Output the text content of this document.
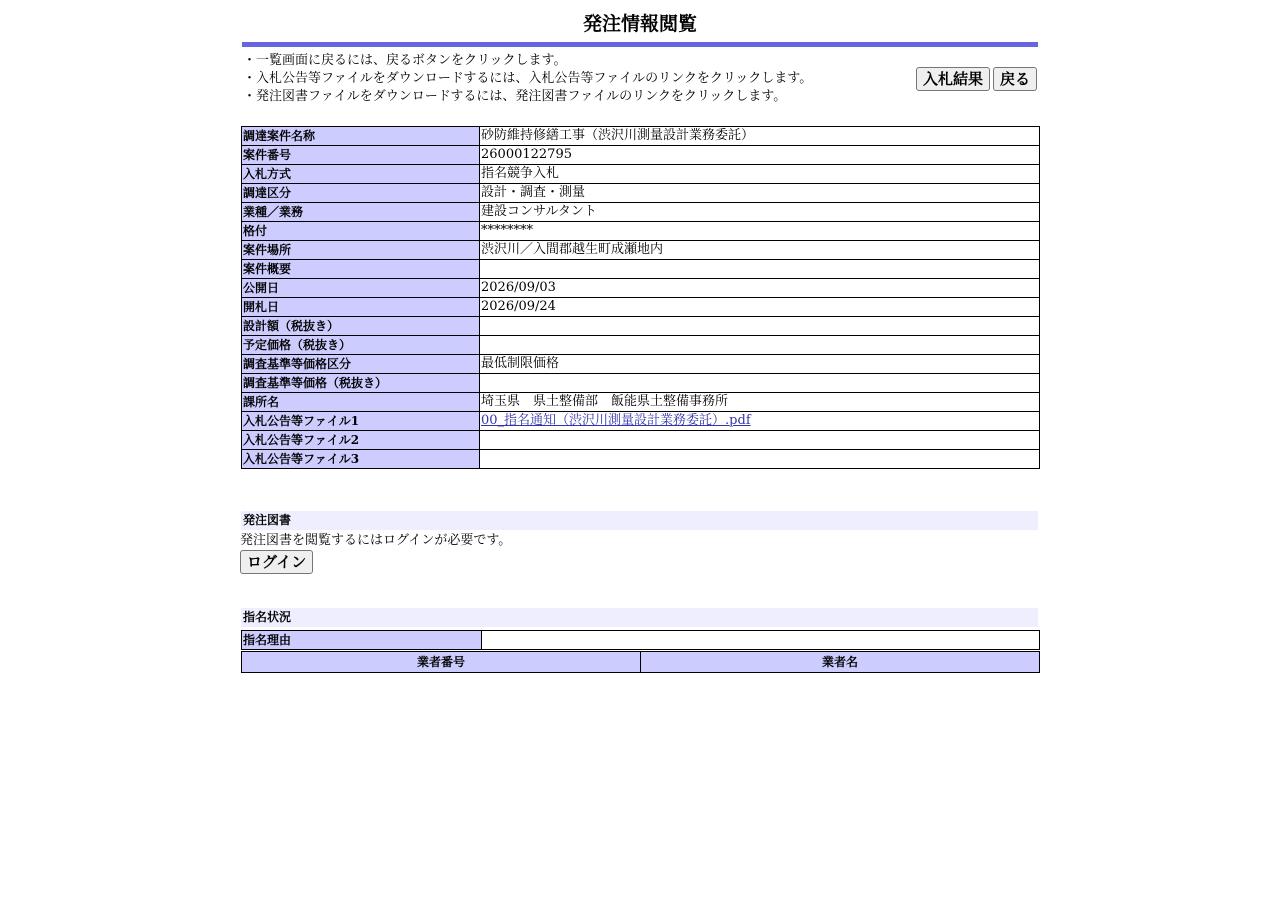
発注情報閲覧
・一覧画面に戻るには、戻るボタンをクリックします。
・入札公告等ファイルをダウンロードするには、入札公告等ファイルのリンクをクリックします。
・発注図書ファイルをダウンロードするには、発注図書ファイルのリンクをクリックします。
入札結果	戻る
調達案件名称	砂防維持修繕工事（渋沢川測量設計業務委託）
案件番号	26000122795
入札方式	指名競争入札
調達区分	設計・調査・測量
業種／業務	建設コンサルタント
格付	********
案件場所	渋沢川／入間郡越生町成瀬地内
案件概要	
公開日	2026/09/03
開札日	2026/09/24
設計額（税抜き）	
予定価格（税抜き）	
調査基準等価格区分	最低制限価格
調査基準等価格（税抜き）	
課所名	埼玉県　県土整備部　飯能県土整備事務所
入札公告等ファイル1	00_指名通知（渋沢川測量設計業務委託）.pdf
入札公告等ファイル2	
入札公告等ファイル3	
発注図書
発注図書を閲覧するにはログインが必要です。
ログイン
指名状況
指名理由	
業者番号	業者名
